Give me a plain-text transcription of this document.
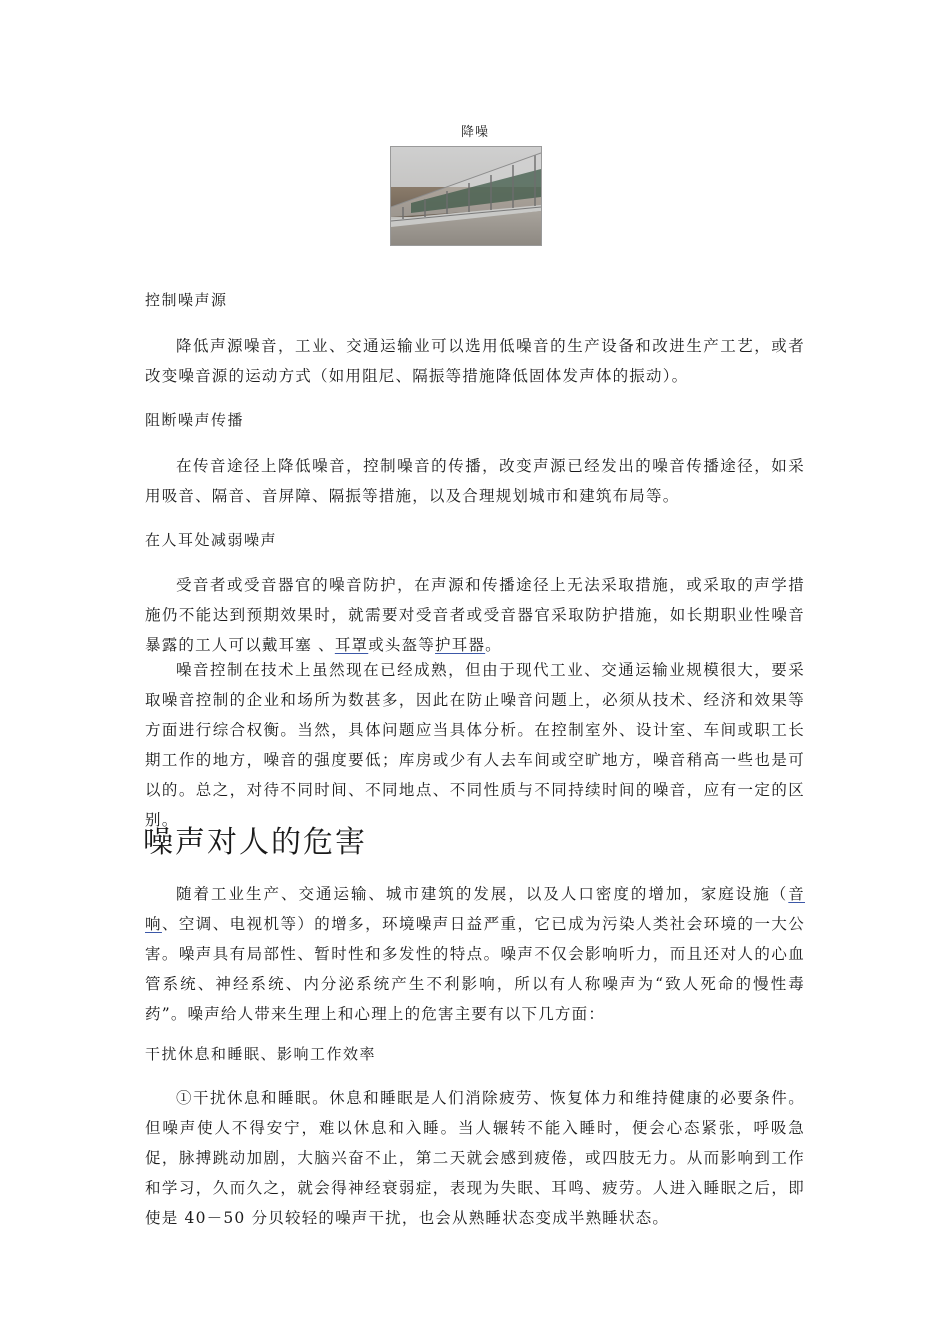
降噪
控制噪声源
降低声源噪音，工业、交通运输业可以选用低噪音的生产设备和改进生产工艺，或者改变噪音源的运动方式（如用阻尼、隔振等措施降低固体发声体的振动）。
阻断噪声传播
在传音途径上降低噪音，控制噪音的传播，改变声源已经发出的噪音传播途径，如采用吸音、隔音、音屏障、隔振等措施，以及合理规划城市和建筑布局等。
在人耳处减弱噪声
受音者或受音器官的噪音防护，在声源和传播途径上无法采取措施，或采取的声学措施仍不能达到预期效果时，就需要对受音者或受音器官采取防护措施，如长期职业性噪音暴露的工人可以戴耳塞 、耳罩或头盔等护耳器。
噪音控制在技术上虽然现在已经成熟，但由于现代工业、交通运输业规模很大，要采取噪音控制的企业和场所为数甚多，因此在防止噪音问题上，必须从技术、经济和效果等方面进行综合权衡。当然，具体问题应当具体分析。在控制室外、设计室、车间或职工长期工作的地方，噪音的强度要低；库房或少有人去车间或空旷地方，噪音稍高一些也是可以的。总之，对待不同时间、不同地点、不同性质与不同持续时间的噪音，应有一定的区别。
噪声对人的危害
随着工业生产、交通运输、城市建筑的发展，以及人口密度的增加，家庭设施（音响、空调、电视机等）的增多，环境噪声日益严重，它已成为污染人类社会环境的一大公害。噪声具有局部性、暂时性和多发性的特点。噪声不仅会影响听力，而且还对人的心血管系统、神经系统、内分泌系统产生不利影响，所以有人称噪声为“致人死命的慢性毒药”。噪声给人带来生理上和心理上的危害主要有以下几方面：
干扰休息和睡眠、影响工作效率
①干扰休息和睡眠。休息和睡眠是人们消除疲劳、恢复体力和维持健康的必要条件。但噪声使人不得安宁，难以休息和入睡。当人辗转不能入睡时，便会心态紧张，呼吸急促，脉搏跳动加剧，大脑兴奋不止，第二天就会感到疲倦，或四肢无力。从而影响到工作和学习，久而久之，就会得神经衰弱症，表现为失眠、耳鸣、疲劳。人进入睡眠之后，即使是 40－50 分贝较轻的噪声干扰，也会从熟睡状态变成半熟睡状态。
